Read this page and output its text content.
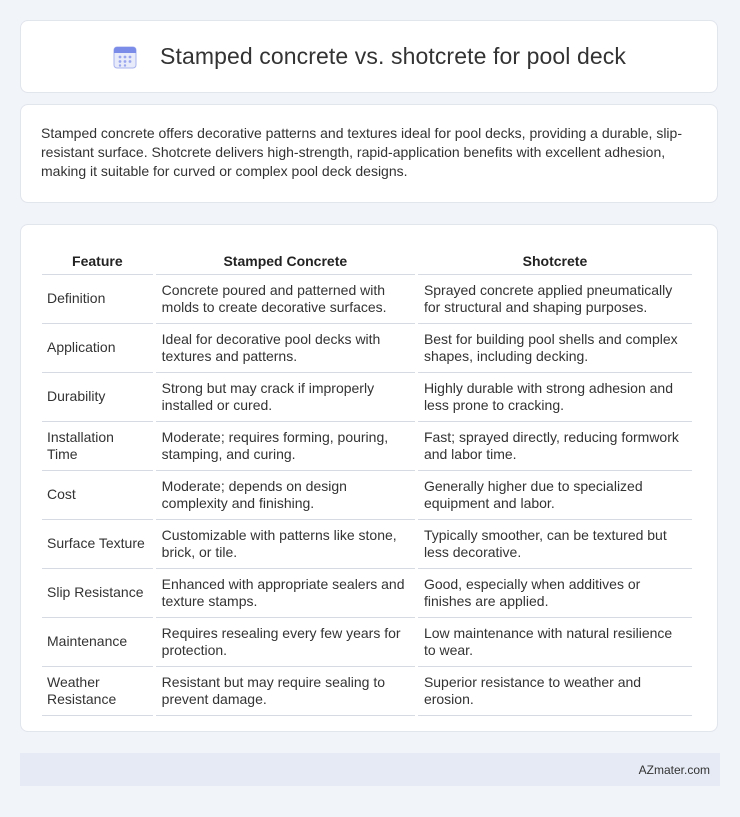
Stamped concrete vs. shotcrete for pool deck

Stamped concrete offers decorative patterns and textures ideal for pool decks, providing a durable, slip-resistant surface. Shotcrete delivers high-strength, rapid-application benefits with excellent adhesion, making it suitable for curved or complex pool deck designs.

Feature	Stamped Concrete	Shotcrete
Definition	Concrete poured and patterned with molds to create decorative surfaces.	Sprayed concrete applied pneumatically for structural and shaping purposes.
Application	Ideal for decorative pool decks with textures and patterns.	Best for building pool shells and complex shapes, including decking.
Durability	Strong but may crack if improperly installed or cured.	Highly durable with strong adhesion and less prone to cracking.
Installation Time	Moderate; requires forming, pouring, stamping, and curing.	Fast; sprayed directly, reducing formwork and labor time.
Cost	Moderate; depends on design complexity and finishing.	Generally higher due to specialized equipment and labor.
Surface Texture	Customizable with patterns like stone, brick, or tile.	Typically smoother, can be textured but less decorative.
Slip Resistance	Enhanced with appropriate sealers and texture stamps.	Good, especially when additives or finishes are applied.
Maintenance	Requires resealing every few years for protection.	Low maintenance with natural resilience to wear.
Weather Resistance	Resistant but may require sealing to prevent damage.	Superior resistance to weather and erosion.
AZmater.com
